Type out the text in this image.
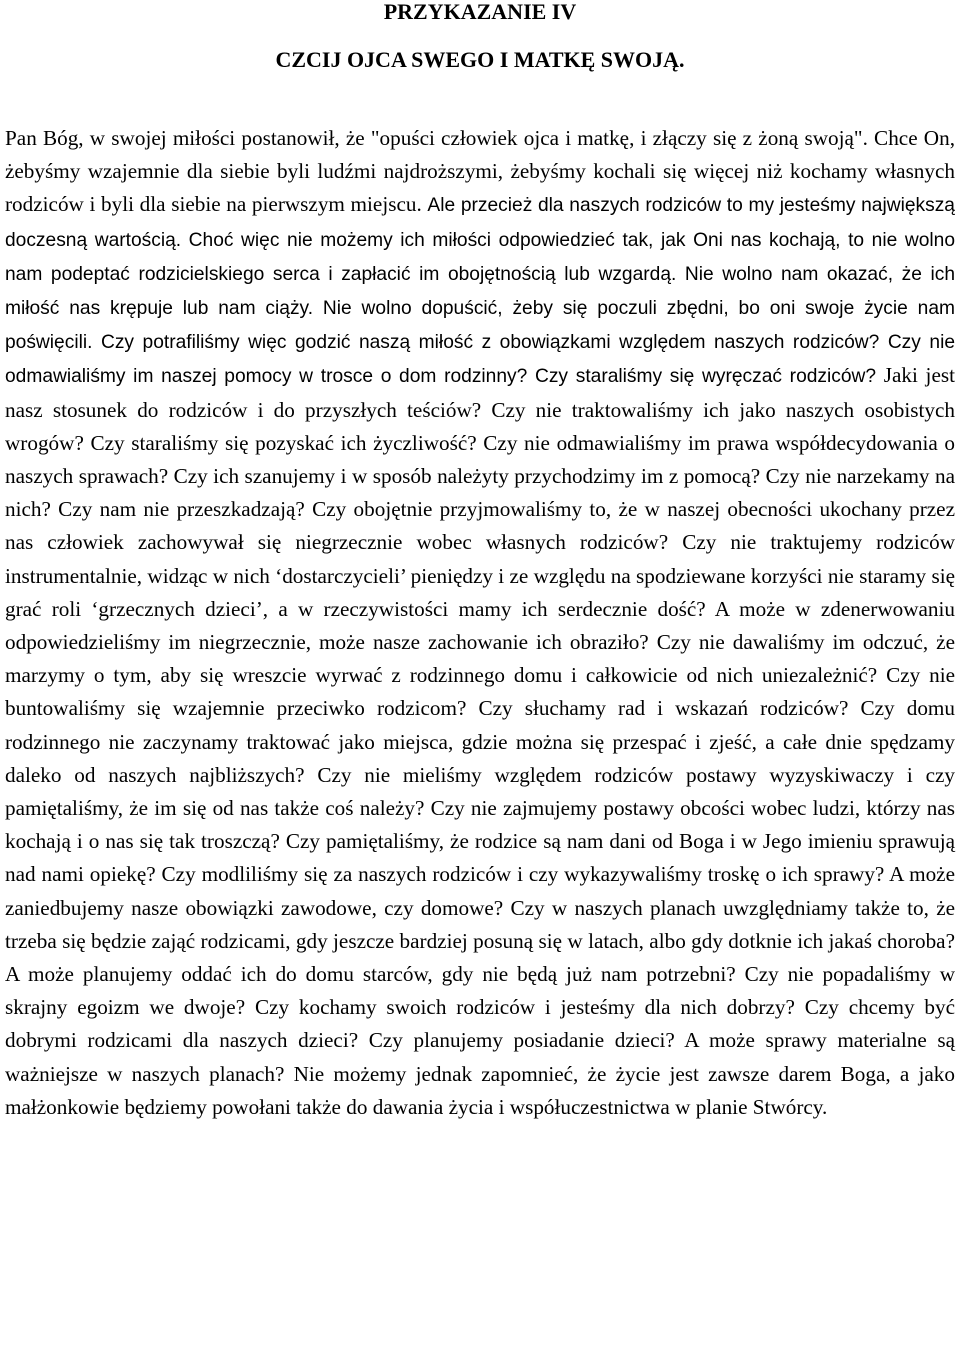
PRZYKAZANIE IV
CZCIJ OJCA SWEGO I MATKĘ SWOJĄ.

Pan Bóg, w swojej miłości postanowił, że "opuści człowiek ojca i matkę, i złączy się z żoną swoją". Chce On, żebyśmy wzajemnie dla siebie byli ludźmi najdroższymi, żebyśmy kochali się więcej niż kochamy własnych rodziców i byli dla siebie na pierwszym miejscu. Ale przecież dla naszych rodziców to my jesteśmy największą doczesną wartością. Choć więc nie możemy ich miłości odpowiedzieć tak, jak Oni nas kochają, to nie wolno nam podeptać rodzicielskiego serca i zapłacić im obojętnością lub wzgardą. Nie wolno nam okazać, że ich miłość nas krępuje lub nam ciąży. Nie wolno dopuścić, żeby się poczuli zbędni, bo oni swoje życie nam poświęcili. Czy potrafiliśmy więc godzić naszą miłość z obowiązkami względem naszych rodziców? Czy nie odmawialiśmy im naszej pomocy w trosce o dom rodzinny? Czy staraliśmy się wyręczać rodziców? Jaki jest nasz stosunek do rodziców i do przyszłych teściów? Czy nie traktowaliśmy ich jako naszych osobistych wrogów? Czy staraliśmy się pozyskać ich życzliwość? Czy nie odmawialiśmy im prawa współdecydowania o naszych sprawach? Czy ich szanujemy i w sposób należyty przychodzimy im z pomocą? Czy nie narzekamy na nich? Czy nam nie przeszkadzają? Czy obojętnie przyjmowaliśmy to, że w naszej obecności ukochany przez nas człowiek zachowywał się niegrzecznie wobec własnych rodziców? Czy nie traktujemy rodziców instrumentalnie, widząc w nich ‘dostarczycieli’ pieniędzy i ze względu na spodziewane korzyści nie staramy się grać roli ‘grzecznych dzieci’, a w rzeczywistości mamy ich serdecznie dość? A może w zdenerwowaniu odpowiedzieliśmy im niegrzecznie, może nasze zachowanie ich obraziło? Czy nie dawaliśmy im odczuć, że marzymy o tym, aby się wreszcie wyrwać z rodzinnego domu i całkowicie od nich uniezależnić? Czy nie buntowaliśmy się wzajemnie przeciwko rodzicom? Czy słuchamy rad i wskazań rodziców? Czy domu rodzinnego nie zaczynamy traktować jako miejsca, gdzie można się przespać i zjeść, a całe dnie spędzamy daleko od naszych najbliższych? Czy nie mieliśmy względem rodziców postawy wyzyskiwaczy i czy pamiętaliśmy, że im się od nas także coś należy? Czy nie zajmujemy postawy obcości wobec ludzi, którzy nas kochają i o nas się tak troszczą? Czy pamiętaliśmy, że rodzice są nam dani od Boga i w Jego imieniu sprawują nad nami opiekę? Czy modliliśmy się za naszych rodziców i czy wykazywaliśmy troskę o ich sprawy? A może zaniedbujemy nasze obowiązki zawodowe, czy domowe? Czy w naszych planach uwzględniamy także to, że trzeba się będzie zająć rodzicami, gdy jeszcze bardziej posuną się w latach, albo gdy dotknie ich jakaś choroba? A może planujemy oddać ich do domu starców, gdy nie będą już nam potrzebni? Czy nie popadaliśmy w skrajny egoizm we dwoje? Czy kochamy swoich rodziców i jesteśmy dla nich dobrzy? Czy chcemy być dobrymi rodzicami dla naszych dzieci? Czy planujemy posiadanie dzieci? A może sprawy materialne są ważniejsze w naszych planach? Nie możemy jednak zapomnieć, że życie jest zawsze darem Boga, a jako małżonkowie będziemy powołani także do dawania życia i współuczestnictwa w planie Stwórcy.
